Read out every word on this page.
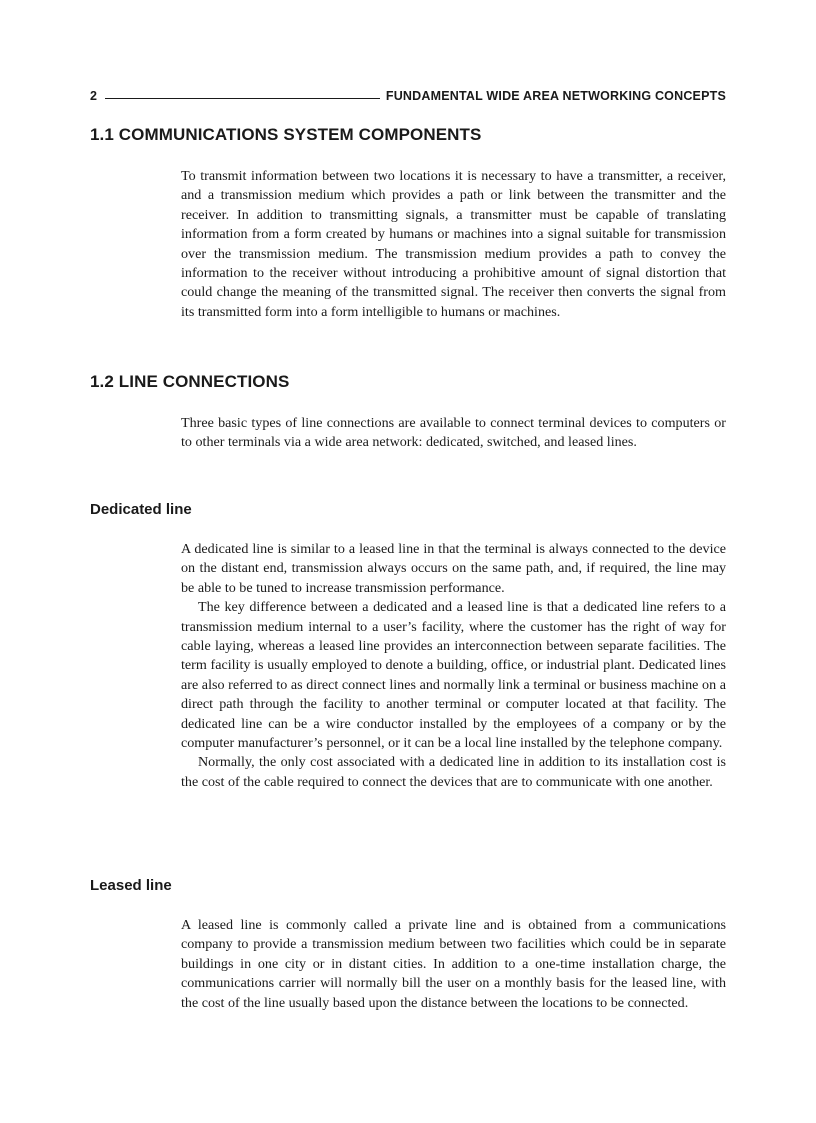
2	FUNDAMENTAL WIDE AREA NETWORKING CONCEPTS
1.1 COMMUNICATIONS SYSTEM COMPONENTS

To transmit information between two locations it is necessary to have a transmitter, a receiver, and a transmission medium which provides a path or link between the transmitter and the receiver. In addition to transmitting signals, a transmitter must be capable of translating information from a form created by humans or machines into a signal suitable for transmission over the transmission medium. The transmission medium provides a path to convey the information to the receiver without introducing a prohibitive amount of signal distortion that could change the meaning of the transmitted signal. The receiver then converts the signal from its transmitted form into a form intelligible to humans or machines.

1.2 LINE CONNECTIONS

Three basic types of line connections are available to connect terminal devices to computers or to other terminals via a wide area network: dedicated, switched, and leased lines.

Dedicated line

A dedicated line is similar to a leased line in that the terminal is always connected to the device on the distant end, transmission always occurs on the same path, and, if required, the line may be able to be tuned to increase transmission performance.

The key difference between a dedicated and a leased line is that a dedicated line refers to a transmission medium internal to a user’s facility, where the customer has the right of way for cable laying, whereas a leased line provides an interconnection between separate facilities. The term facility is usually employed to denote a building, office, or industrial plant. Dedicated lines are also referred to as direct connect lines and normally link a terminal or business machine on a direct path through the facility to another terminal or computer located at that facility. The dedicated line can be a wire conductor installed by the employees of a company or by the computer manufacturer’s personnel, or it can be a local line installed by the telephone company.

Normally, the only cost associated with a dedicated line in addition to its installation cost is the cost of the cable required to connect the devices that are to communicate with one another.

Leased line

A leased line is commonly called a private line and is obtained from a communications company to provide a transmission medium between two facilities which could be in separate buildings in one city or in distant cities. In addition to a one-time installation charge, the communications carrier will normally bill the user on a monthly basis for the leased line, with the cost of the line usually based upon the distance between the locations to be connected.
